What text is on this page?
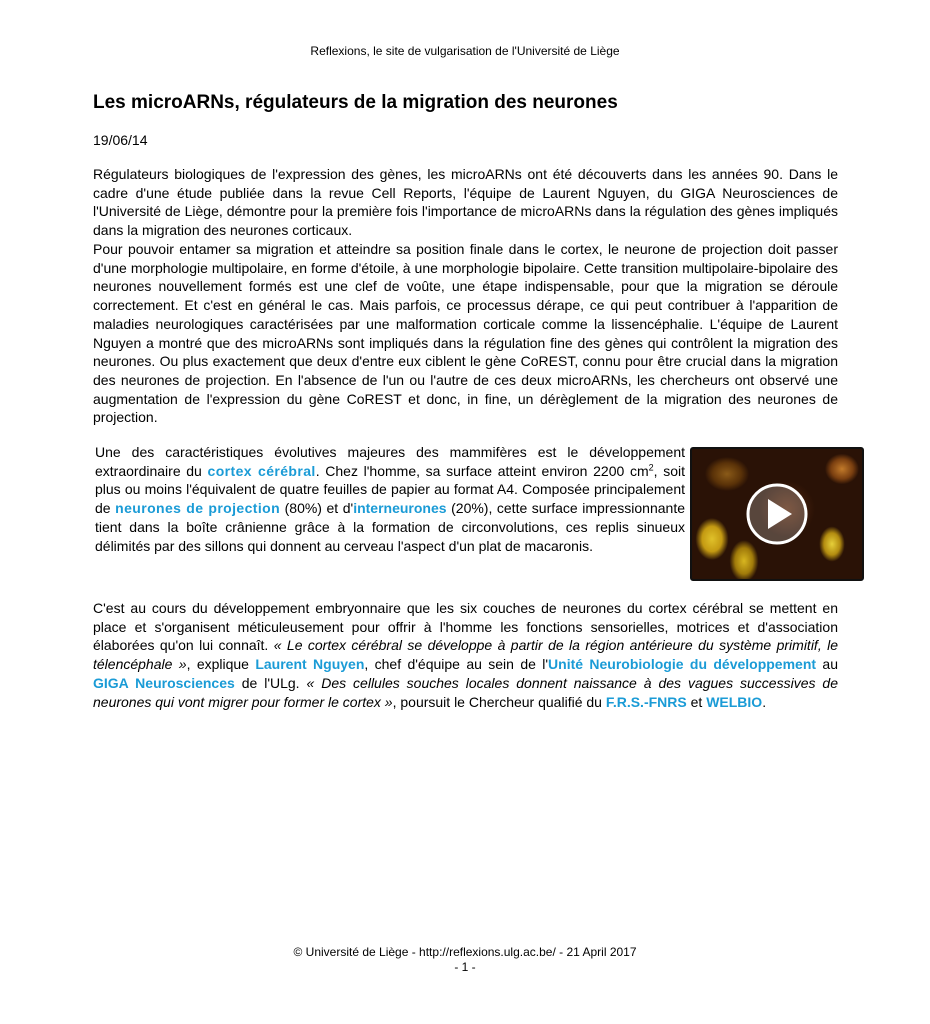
Reflexions, le site de vulgarisation de l'Université de Liège
Les microARNs, régulateurs de la migration des neurones
19/06/14

Régulateurs biologiques de l'expression des gènes, les microARNs ont été découverts dans les années 90. Dans le cadre d'une étude publiée dans la revue Cell Reports, l'équipe de Laurent Nguyen, du GIGA Neurosciences de l'Université de Liège, démontre pour la première fois l'importance de microARNs dans la régulation des gènes impliqués dans la migration des neurones corticaux.

Pour pouvoir entamer sa migration et atteindre sa position finale dans le cortex, le neurone de projection doit passer d'une morphologie multipolaire, en forme d'étoile, à une morphologie bipolaire. Cette transition multipolaire-bipolaire des neurones nouvellement formés est une clef de voûte, une étape indispensable, pour que la migration se déroule correctement. Et c'est en général le cas. Mais parfois, ce processus dérape, ce qui peut contribuer à l'apparition de maladies neurologiques caractérisées par une malformation corticale comme la lissencéphalie. L'équipe de Laurent Nguyen a montré que des microARNs sont impliqués dans la régulation fine des gènes qui contrôlent la migration des neurones. Ou plus exactement que deux d'entre eux ciblent le gène CoREST, connu pour être crucial dans la migration des neurones de projection. En l'absence de l'un ou l'autre de ces deux microARNs, les chercheurs ont observé une augmentation de l'expression du gène CoREST et donc, in fine, un dérèglement de la migration des neurones de projection.

Une des caractéristiques évolutives majeures des mammifères est le développement extraordinaire du cortex cérébral. Chez l'homme, sa surface atteint environ 2200 $cm^2$, soit plus ou moins l'équivalent de quatre feuilles de papier au format A4. Composée principalement de neurones de projection (80%) et d'interneurones (20%), cette surface impressionnante tient dans la boîte crânienne grâce à la formation de circonvolutions, ces replis sinueux délimités par des sillons qui donnent au cerveau l'aspect d'un plat de macaronis.

C'est au cours du développement embryonnaire que les six couches de neurones du cortex cérébral se mettent en place et s'organisent méticuleusement pour offrir à l'homme les fonctions sensorielles, motrices et d'association élaborées qu'on lui connaît. « Le cortex cérébral se développe à partir de la région antérieure du système primitif, le télencéphale », explique Laurent Nguyen, chef d'équipe au sein de l'Unité Neurobiologie du développement au GIGA Neurosciences de l'ULg. « Des cellules souches locales donnent naissance à des vagues successives de neurones qui vont migrer pour former le cortex », poursuit le Chercheur qualifié du F.R.S.-FNRS et WELBIO.

© Université de Liège - http://reflexions.ulg.ac.be/ - 21 April 2017
- 1 -
